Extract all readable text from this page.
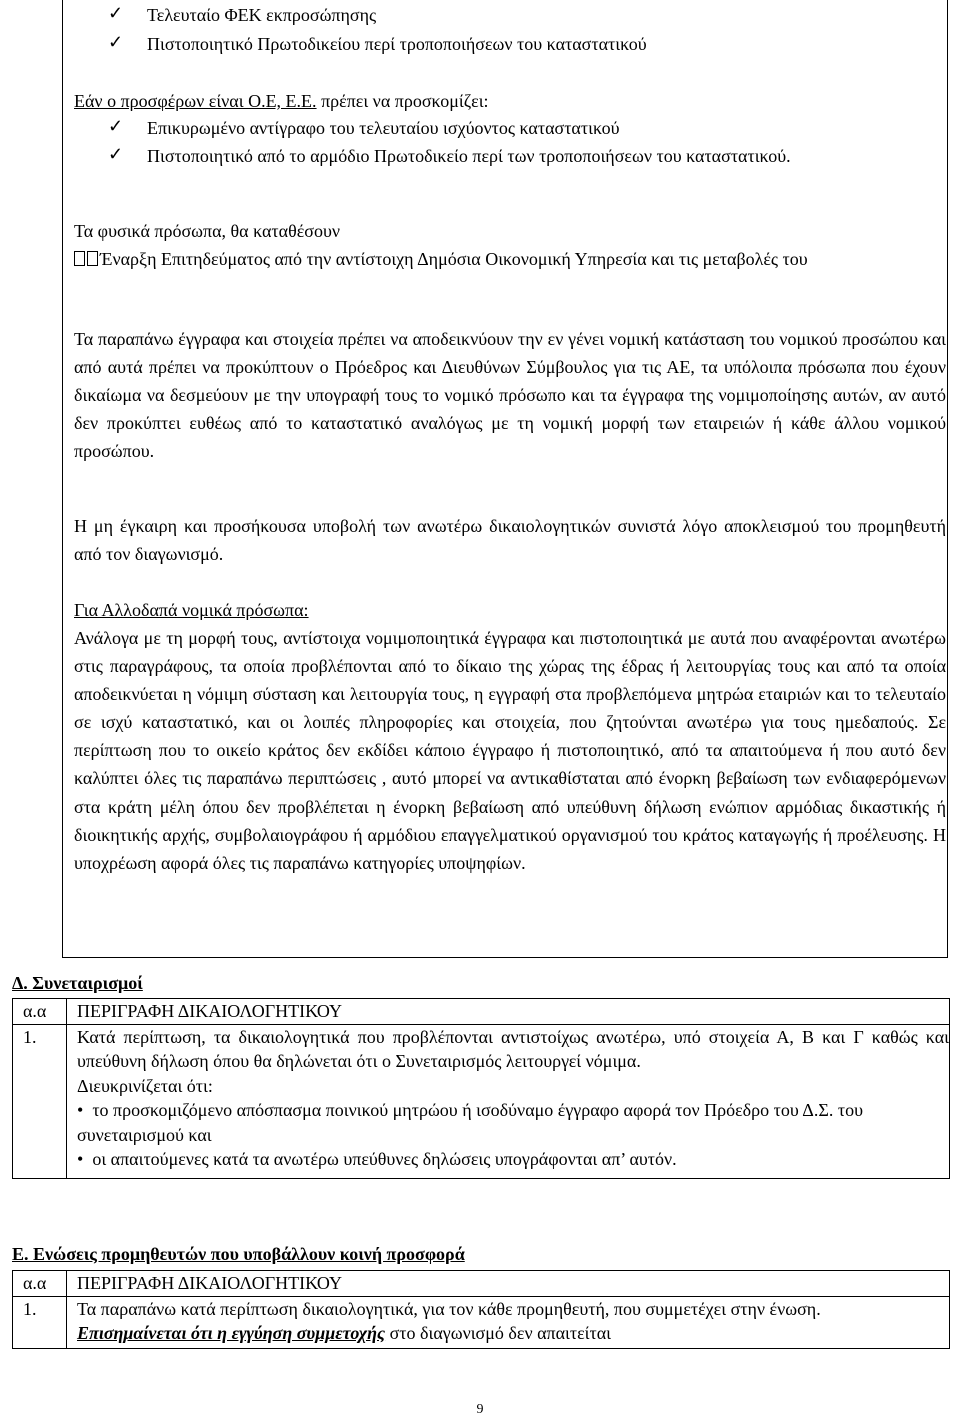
✓ Τελευταίο ΦΕΚ εκπροσώπησης
✓ Πιστοποιητικό Πρωτοδικείου περί τροποποιήσεων του καταστατικού
Εάν ο προσφέρων είναι Ο.Ε, Ε.Ε. πρέπει να προσκομίζει:
✓ Επικυρωμένο αντίγραφο του τελευταίου ισχύοντος καταστατικού
✓ Πιστοποιητικό από το αρμόδιο Πρωτοδικείο περί των τροποποιήσεων του καταστατικού.
Τα φυσικά πρόσωπα, θα καταθέσουν
Έναρξη Επιτηδεύματος από την αντίστοιχη Δημόσια Οικονομική Υπηρεσία και τις μεταβολές του
Τα παραπάνω έγγραφα και στοιχεία πρέπει να αποδεικνύουν την εν γένει νομική κατάσταση του νομικού προσώπου και από αυτά πρέπει να προκύπτουν ο Πρόεδρος και Διευθύνων Σύμβουλος για τις ΑΕ, τα υπόλοιπα πρόσωπα που έχουν δικαίωμα να δεσμεύουν με την υπογραφή τους το νομικό πρόσωπο και τα έγγραφα της νομιμοποίησης αυτών, αν αυτό δεν προκύπτει ευθέως από το καταστατικό αναλόγως με τη νομική μορφή των εταιρειών ή κάθε άλλου νομικού προσώπου.
Η μη έγκαιρη και προσήκουσα υποβολή των ανωτέρω δικαιολογητικών συνιστά λόγο αποκλεισμού του προμηθευτή από τον διαγωνισμό.
Για Αλλοδαπά νομικά πρόσωπα:
Ανάλογα με τη μορφή τους, αντίστοιχα νομιμοποιητικά έγγραφα και πιστοποιητικά με αυτά που αναφέρονται ανωτέρω στις παραγράφους, τα οποία προβλέπονται από το δίκαιο της χώρας της έδρας ή λειτουργίας τους και από τα οποία αποδεικνύεται η νόμιμη σύσταση και λειτουργία τους, η εγγραφή στα προβλεπόμενα μητρώα εταιριών και το τελευταίο σε ισχύ καταστατικό, και οι λοιπές πληροφορίες και στοιχεία, που ζητούνται ανωτέρω για τους ημεδαπούς. Σε περίπτωση που το οικείο κράτος δεν εκδίδει κάποιο έγγραφο ή πιστοποιητικό, από τα απαιτούμενα ή που αυτό δεν καλύπτει όλες τις παραπάνω περιπτώσεις , αυτό μπορεί να αντικαθίσταται από ένορκη βεβαίωση των ενδιαφερόμενων στα κράτη μέλη όπου δεν προβλέπεται η ένορκη βεβαίωση από υπεύθυνη δήλωση ενώπιον αρμόδιας δικαστικής ή διοικητικής αρχής, συμβολαιογράφου ή αρμόδιου επαγγελματικού οργανισμού του κράτος καταγωγής ή προέλευσης. Η υποχρέωση αφορά όλες τις παραπάνω κατηγορίες υποψηφίων.
Δ. Συνεταιρισμοί
α.α	ΠΕΡΙΓΡΑΦΗ ΔΙΚΑΙΟΛΟΓΗΤΙΚΟΥ
1.	Κατά περίπτωση, τα δικαιολογητικά που προβλέπονται αντιστοίχως ανωτέρω, υπό στοιχεία Α, Β και Γ καθώς και υπεύθυνη δήλωση όπου θα δηλώνεται ότι ο Συνεταιρισμός λειτουργεί νόμιμα.
Διευκρινίζεται ότι:
•  το προσκομιζόμενο απόσπασμα ποινικού μητρώου ή ισοδύναμο έγγραφο αφορά τον Πρόεδρο του Δ.Σ. του συνεταιρισμού και
•  οι απαιτούμενες κατά τα ανωτέρω υπεύθυνες δηλώσεις υπογράφονται απ’ αυτόν.
Ε. Ενώσεις προμηθευτών που υποβάλλουν κοινή προσφορά
α.α	ΠΕΡΙΓΡΑΦΗ ΔΙΚΑΙΟΛΟΓΗΤΙΚΟΥ
1.	Τα παραπάνω κατά περίπτωση δικαιολογητικά, για τον κάθε προμηθευτή, που συμμετέχει στην ένωση.
Επισημαίνεται ότι η εγγύηση συμμετοχής στο διαγωνισμό δεν απαιτείται
9
